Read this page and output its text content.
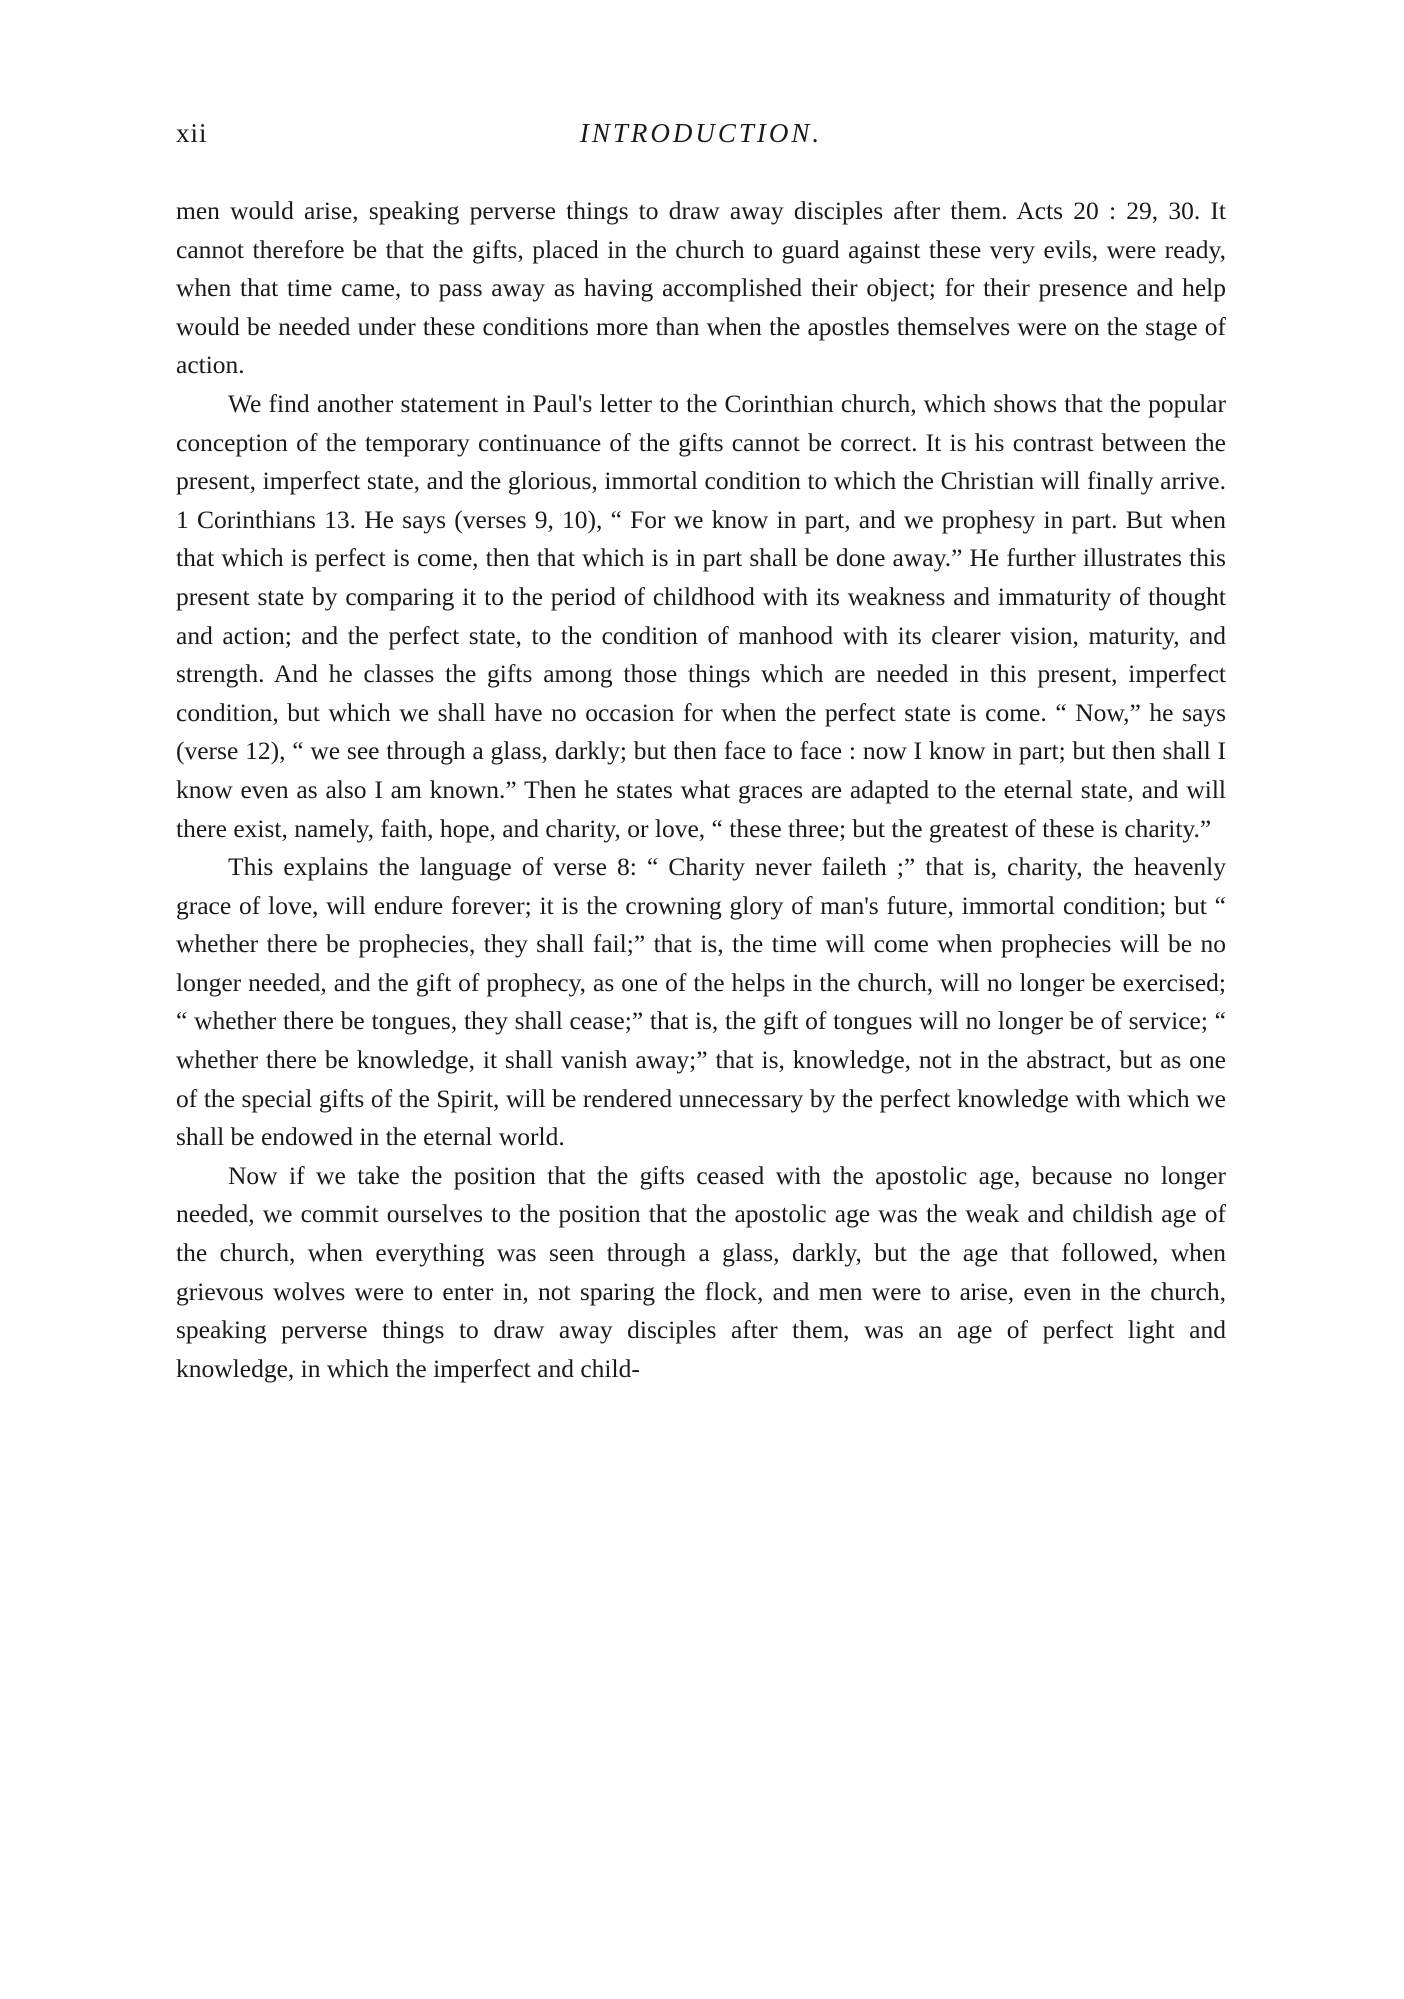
xii	INTRODUCTION.

men would arise, speaking perverse things to draw away disciples after them. Acts 20 : 29, 30. It cannot therefore be that the gifts, placed in the church to guard against these very evils, were ready, when that time came, to pass away as having accomplished their object; for their presence and help would be needed under these conditions more than when the apostles themselves were on the stage of action.

We find another statement in Paul's letter to the Corinthian church, which shows that the popular conception of the temporary continuance of the gifts cannot be correct. It is his contrast between the present, imperfect state, and the glorious, immortal condition to which the Christian will finally arrive. 1 Corinthians 13. He says (verses 9, 10), “ For we know in part, and we prophesy in part. But when that which is perfect is come, then that which is in part shall be done away.” He further illustrates this present state by comparing it to the period of childhood with its weakness and immaturity of thought and action; and the perfect state, to the condition of manhood with its clearer vision, maturity, and strength. And he classes the gifts among those things which are needed in this present, imperfect condition, but which we shall have no occasion for when the perfect state is come. “ Now,” he says (verse 12), “ we see through a glass, darkly; but then face to face : now I know in part; but then shall I know even as also I am known.” Then he states what graces are adapted to the eternal state, and will there exist, namely, faith, hope, and charity, or love, “ these three; but the greatest of these is charity.”

This explains the language of verse 8: “ Charity never faileth ;” that is, charity, the heavenly grace of love, will endure forever; it is the crowning glory of man's future, immortal condition; but “ whether there be prophecies, they shall fail;” that is, the time will come when prophecies will be no longer needed, and the gift of prophecy, as one of the helps in the church, will no longer be exercised; “ whether there be tongues, they shall cease;” that is, the gift of tongues will no longer be of service; “ whether there be knowledge, it shall vanish away;” that is, knowledge, not in the abstract, but as one of the special gifts of the Spirit, will be rendered unnecessary by the perfect knowledge with which we shall be endowed in the eternal world.

Now if we take the position that the gifts ceased with the apostolic age, because no longer needed, we commit ourselves to the position that the apostolic age was the weak and childish age of the church, when everything was seen through a glass, darkly, but the age that followed, when grievous wolves were to enter in, not sparing the flock, and men were to arise, even in the church, speaking perverse things to draw away disciples after them, was an age of perfect light and knowledge, in which the imperfect and child-
